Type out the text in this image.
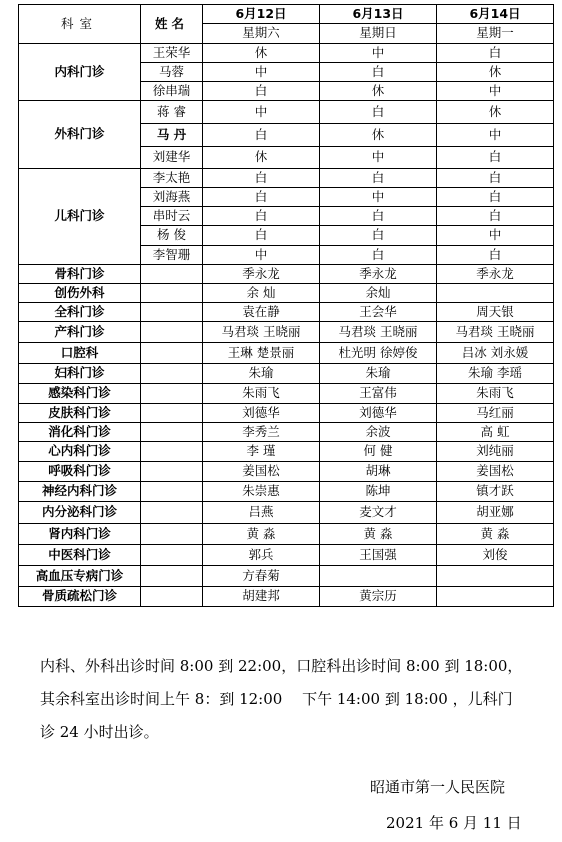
科室	姓名	6月12日	6月13日	6月14日
		星期六	星期日	星期一
内科门诊	王荣华	休	中	白
	马蓉	中	白	休
	徐串瑞	白	休	中
外科门诊	蒋 睿	中	白	休
	马 丹	白	休	中
	刘建华	休	中	白
儿科门诊	李太艳	白	白	白
	刘海燕	白	中	白
	串时云	白	白	白
	杨 俊	白	白	中
	李智珊	中	白	白
骨科门诊		季永龙	季永龙	季永龙
创伤外科		余 灿	余灿	
全科门诊		袁在静	王会华	周天银
产科门诊		马君琰 王晓丽	马君琰 王晓丽	马君琰 王晓丽
口腔科		王琳 楚景丽	杜光明 徐婷俊	吕冰 刘永媛
妇科门诊		朱瑜	朱瑜	朱瑜 李瑶
感染科门诊		朱雨飞	王富伟	朱雨飞
皮肤科门诊		刘德华	刘德华	马红丽
消化科门诊		李秀兰	余波	高 虹
心内科门诊		李 瑾	何 健	刘纯丽
呼吸科门诊		姜国松	胡琳	姜国松
神经内科门诊		朱崇惠	陈坤	镇才跃
内分泌科门诊		吕燕	麦文才	胡亚娜
肾内科门诊		黄 淼	黄 淼	黄 淼
中医科门诊		郭兵	王国强	刘俊
高血压专病门诊		方春菊		
骨质疏松门诊		胡建邦	黄宗历	

内科、外科出诊时间 8:00 到 22:00，口腔科出诊时间 8:00 到 18:00，

其余科室出诊时间上午 8：到 12:00　 下午 14:00 到 18:00 ，儿科门

诊 24 小时出诊。

昭通市第一人民医院
2021 年 6 月 11 日
